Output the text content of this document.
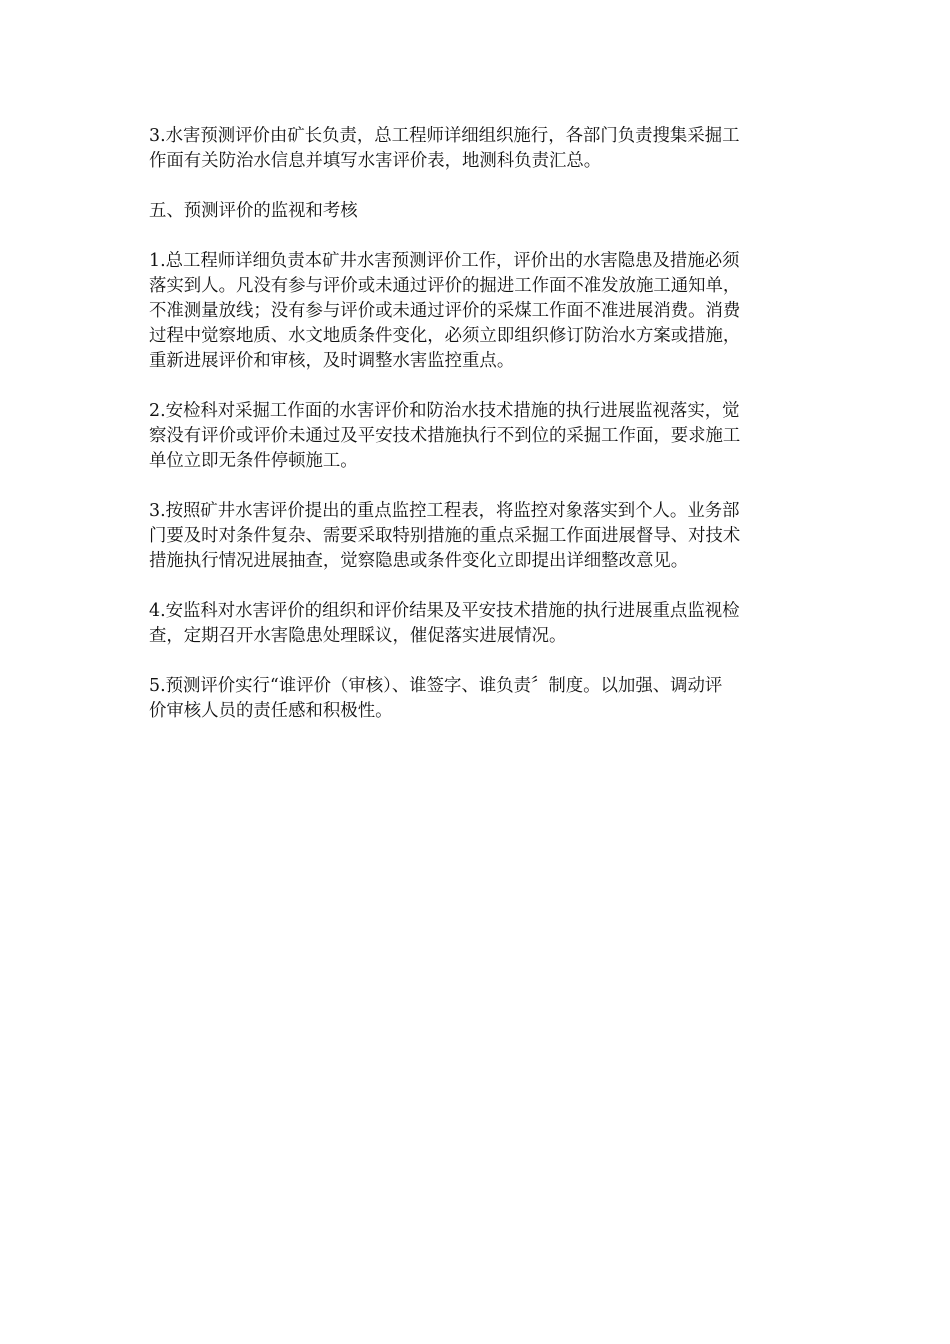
3.水害预测评价由矿长负责，总工程师详细组织施行，各部门负责搜集采掘工
作面有关防治水信息并填写水害评价表，地测科负责汇总。

五、预测评价的监视和考核

1.总工程师详细负责本矿井水害预测评价工作，评价出的水害隐患及措施必须
落实到人。凡没有参与评价或未通过评价的掘进工作面不准发放施工通知单，
不准测量放线；没有参与评价或未通过评价的采煤工作面不准进展消费。消费
过程中觉察地质、水文地质条件变化，必须立即组织修订防治水方案或措施，
重新进展评价和审核，及时调整水害监控重点。

2.安检科对采掘工作面的水害评价和防治水技术措施的执行进展监视落实，觉
察没有评价或评价未通过及平安技术措施执行不到位的采掘工作面，要求施工
单位立即无条件停顿施工。

3.按照矿井水害评价提出的重点监控工程表，将监控对象落实到个人。业务部
门要及时对条件复杂、需要采取特别措施的重点采掘工作面进展督导、对技术
措施执行情况进展抽查，觉察隐患或条件变化立即提出详细整改意见。

4.安监科对水害评价的组织和评价结果及平安技术措施的执行进展重点监视检
查，定期召开水害隐患处理睬议，催促落实进展情况。

5.预测评价实行“谁评价（审核）、谁签字、谁负责〞制度。以加强、调动评
价审核人员的责任感和积极性。
